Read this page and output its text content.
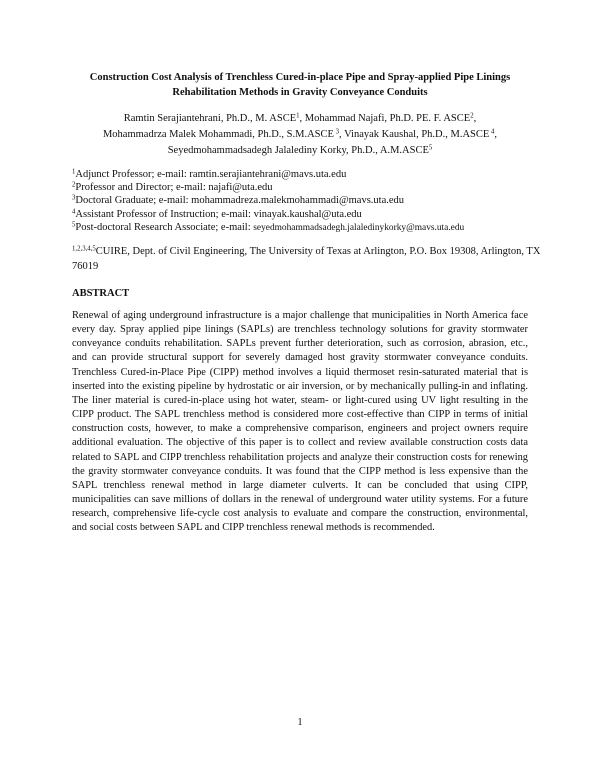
Construction Cost Analysis of Trenchless Cured-in-place Pipe and Spray-applied Pipe Linings Rehabilitation Methods in Gravity Conveyance Conduits
Ramtin Serajiantehrani, Ph.D., M. ASCE$^1$, Mohammad Najafi, Ph.D. PE. F. ASCE$^2$,
Mohammadrza Malek Mohammadi, Ph.D., S.M.ASCE $^3$, Vinayak Kaushal, Ph.D., M.ASCE $^4$,
Seyedmohammadsadegh Jalalediny Korky, Ph.D., A.M.ASCE$^5$
$^1$Adjunct Professor; e-mail: ramtin.serajiantehrani@mavs.uta.edu
$^2$Professor and Director; e-mail: najafi@uta.edu
$^3$Doctoral Graduate; e-mail: mohammadreza.malekmohammadi@mavs.uta.edu
$^4$Assistant Professor of Instruction; e-mail: vinayak.kaushal@uta.edu
$^5$Post-doctoral Research Associate; e-mail: seyedmohammadsadegh.jalaledinykorky@mavs.uta.edu
$^{1,2,3,4,5}$CUIRE, Dept. of Civil Engineering, The University of Texas at Arlington, P.O. Box 19308, Arlington, TX 76019
ABSTRACT
Renewal of aging underground infrastructure is a major challenge that municipalities in North America face every day. Spray applied pipe linings (SAPLs) are trenchless technology solutions for gravity stormwater conveyance conduits rehabilitation. SAPLs prevent further deterioration, such as corrosion, abrasion, etc., and can provide structural support for severely damaged host gravity stormwater conveyance conduits. Trenchless Cured-in-Place Pipe (CIPP) method involves a liquid thermoset resin-saturated material that is inserted into the existing pipeline by hydrostatic or air inversion, or by mechanically pulling-in and inflating. The liner material is cured-in-place using hot water, steam- or light-cured using UV light resulting in the CIPP product. The SAPL trenchless method is considered more cost-effective than CIPP in terms of initial construction costs, however, to make a comprehensive comparison, engineers and project owners require additional evaluation. The objective of this paper is to collect and review available construction costs data related to SAPL and CIPP trenchless rehabilitation projects and analyze their construction costs for renewing the gravity stormwater conveyance conduits. It was found that the CIPP method is less expensive than the SAPL trenchless renewal method in large diameter culverts. It can be concluded that using CIPP, municipalities can save millions of dollars in the renewal of underground water utility systems. For a future research, comprehensive life-cycle cost analysis to evaluate and compare the construction, environmental, and social costs between SAPL and CIPP trenchless renewal methods is recommended.
1
